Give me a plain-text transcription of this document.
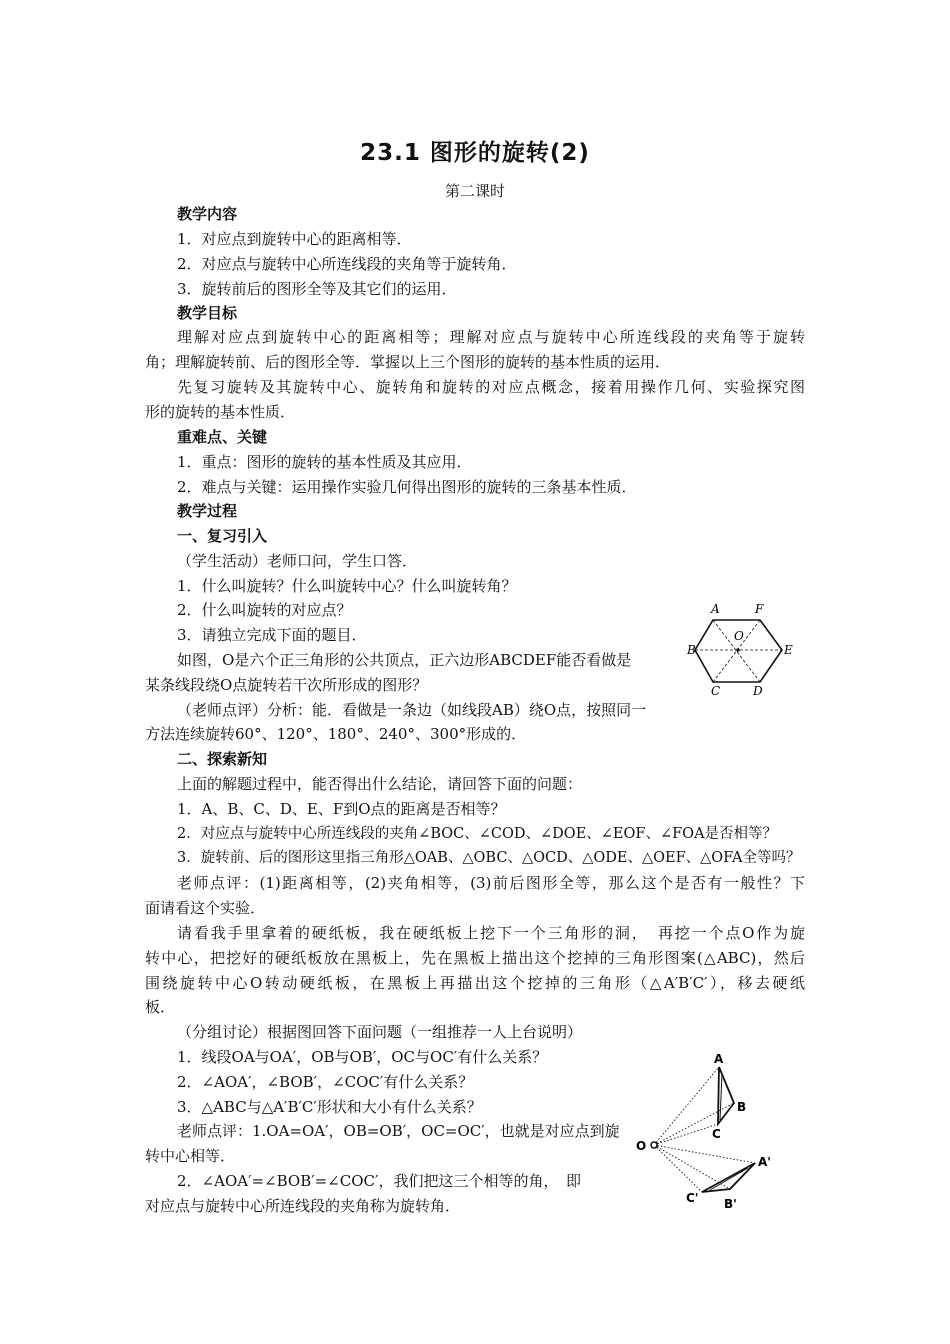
23.1 图形的旋转(2)
第二课时
教学内容
1．对应点到旋转中心的距离相等．
2．对应点与旋转中心所连线段的夹角等于旋转角．
3．旋转前后的图形全等及其它们的运用．
教学目标
理解对应点到旋转中心的距离相等；理解对应点与旋转中心所连线段的夹角等于旋转
角；理解旋转前、后的图形全等．掌握以上三个图形的旋转的基本性质的运用．
先复习旋转及其旋转中心、旋转角和旋转的对应点概念，接着用操作几何、实验探究图
形的旋转的基本性质．
重难点、关键
1．重点：图形的旋转的基本性质及其应用．
2．难点与关键：运用操作实验几何得出图形的旋转的三条基本性质．
教学过程
一、复习引入
（学生活动）老师口问，学生口答．
1．什么叫旋转？什么叫旋转中心？什么叫旋转角？
2．什么叫旋转的对应点？
3．请独立完成下面的题目．
如图，O是六个正三角形的公共顶点，正六边形ABCDEF能否看做是
某条线段绕O点旋转若干次所形成的图形？
（老师点评）分析：能．看做是一条边（如线段AB）绕O点，按照同一
方法连续旋转60°、120°、180°、240°、300°形成的．
A	F
O
B	E
C	D
二、探索新知
上面的解题过程中，能否得出什么结论，请回答下面的问题：
1．A、B、C、D、E、F到O点的距离是否相等？
2．对应点与旋转中心所连线段的夹角∠BOC、∠COD、∠DOE、∠EOF、∠FOA是否相等？
3．旋转前、后的图形这里指三角形△OAB、△OBC、△OCD、△ODE、△OEF、△OFA全等吗？
老师点评：(1)距离相等，(2)夹角相等，(3)前后图形全等，那么这个是否有一般性？下
面请看这个实验．
请看我手里拿着的硬纸板，我在硬纸板上挖下一个三角形的洞，　再挖一个点O作为旋
转中心，把挖好的硬纸板放在黑板上，先在黑板上描出这个挖掉的三角形图案(△ABC)，然后
围绕旋转中心O转动硬纸板，在黑板上再描出这个挖掉的三角形（△A′B′C′），移去硬纸
板．
（分组讨论）根据图回答下面问题（一组推荐一人上台说明）
1．线段OA与OA′，OB与OB′，OC与OC′有什么关系？
2．∠AOA′，∠BOB′，∠COC′有什么关系？
3．△ABC与△A′B′C′形状和大小有什么关系？
老师点评：1.OA=OA′，OB=OB′，OC=OC′，也就是对应点到旋
转中心相等．
2．∠AOA′=∠BOB′=∠COC′，我们把这三个相等的角，　即
对应点与旋转中心所连线段的夹角称为旋转角．
A
B
C
O
A'
C' B'
